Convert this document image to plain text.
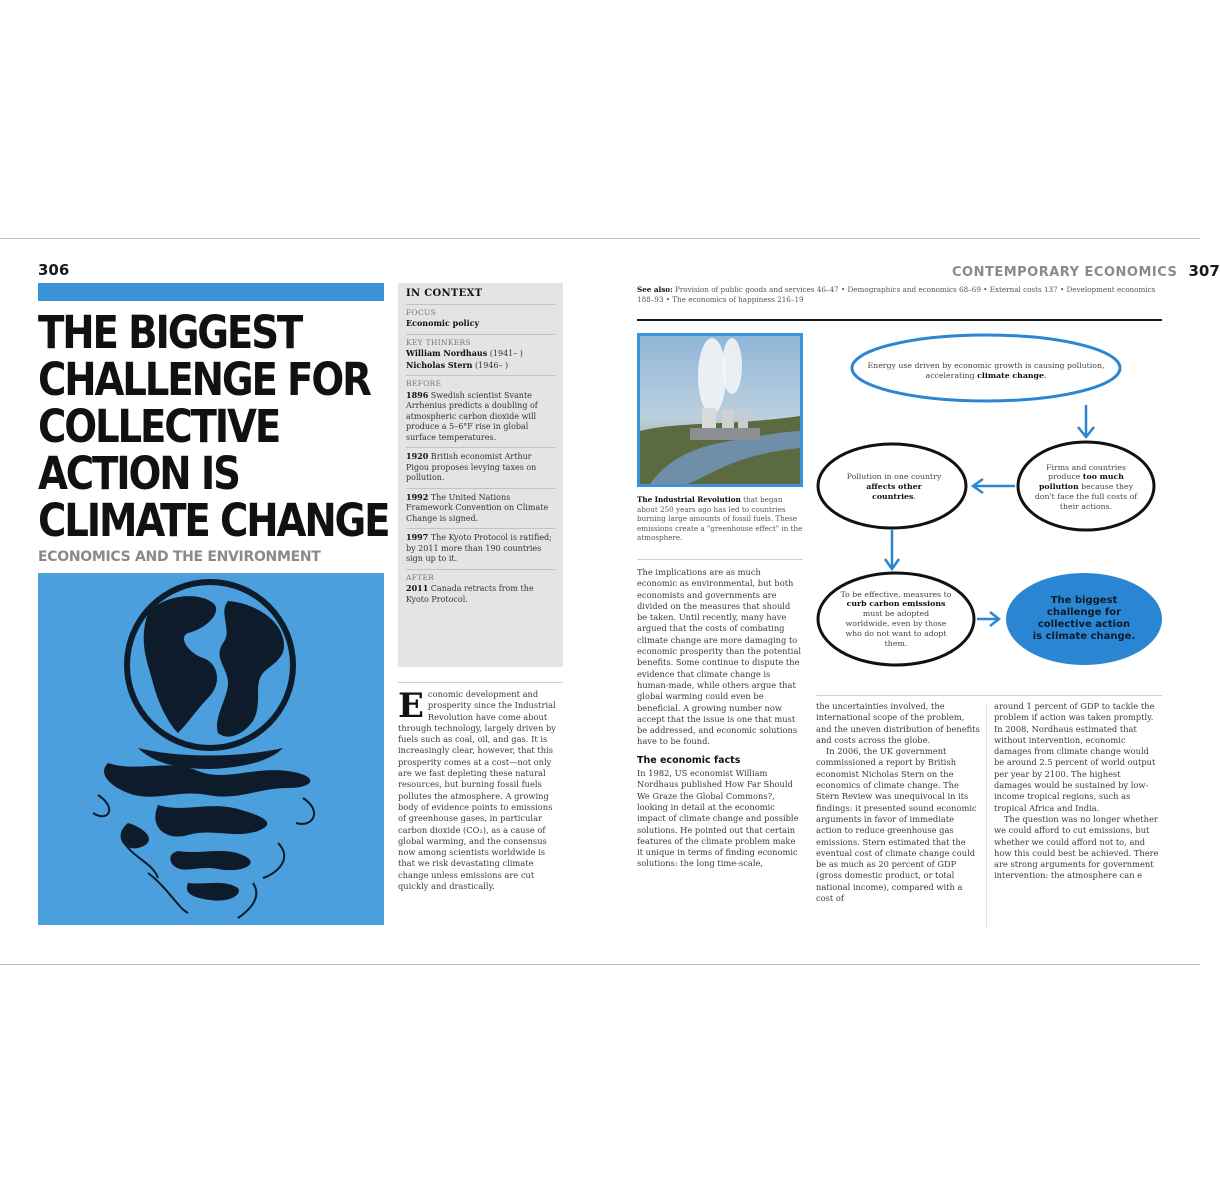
306
THE BIGGEST
CHALLENGE FOR
COLLECTIVE
ACTION IS
CLIMATE CHANGE
ECONOMICS AND THE ENVIRONMENT
IN CONTEXT
FOCUS
Economic policy
KEY THINKERS
William Nordhaus (1941– )
Nicholas Stern (1946– )
BEFORE
1896 Swedish scientist Svante Arrhenius predicts a doubling of atmospheric carbon dioxide will produce a 5–6°F rise in global surface temperatures.
1920 British economist Arthur Pigou proposes levying taxes on pollution.
1992 The United Nations Framework Convention on Climate Change is signed.
1997 The Kyoto Protocol is ratified; by 2011 more than 190 countries sign up to it.
AFTER
2011 Canada retracts from the Kyoto Protocol.
Economic development and prosperity since the Industrial Revolution have come about through technology, largely driven by fuels such as coal, oil, and gas. It is increasingly clear, however, that this prosperity comes at a cost—not only are we fast depleting these natural resources, but burning fossil fuels pollutes the atmosphere. A growing body of evidence points to emissions of greenhouse gases, in particular carbon dioxide (CO₂), as a cause of global warming, and the consensus now among scientists worldwide is that we risk devastating climate change unless emissions are cut quickly and drastically.
CONTEMPORARY ECONOMICS 307
See also: Provision of public goods and services 46–47 • Demographics and economics 68–69 • External costs 137 • Development economics 188–93 • The economics of happiness 216–19
The Industrial Revolution that began about 250 years ago has led to countries burning large amounts of fossil fuels. These emissions create a "greenhouse effect" in the atmosphere.
Energy use driven by economic growth is causing pollution, accelerating climate change.
Firms and countries produce too much pollution because they don't face the full costs of their actions.
Pollution in one country affects other countries.
To be effective, measures to curb carbon emissions must be adopted worldwide, even by those who do not want to adopt them.
The biggest challenge for collective action is climate change.

The implications are as much economic as environmental, but both economists and governments are divided on the measures that should be taken. Until recently, many have argued that the costs of combating climate change are more damaging to economic prosperity than the potential benefits. Some continue to dispute the evidence that climate change is human-made, while others argue that global warming could even be beneficial. A growing number now accept that the issue is one that must be addressed, and economic solutions have to be found.

The economic facts

In 1982, US economist William Nordhaus published How Far Should We Graze the Global Commons?, looking in detail at the economic impact of climate change and possible solutions. He pointed out that certain features of the climate problem make it unique in terms of finding economic solutions: the long time-scale,

the uncertainties involved, the international scope of the problem, and the uneven distribution of benefits and costs across the globe.

In 2006, the UK government commissioned a report by British economist Nicholas Stern on the economics of climate change. The Stern Review was unequivocal in its findings: it presented sound economic arguments in favor of immediate action to reduce greenhouse gas emissions. Stern estimated that the eventual cost of climate change could be as much as 20 percent of GDP (gross domestic product, or total national income), compared with a cost of

around 1 percent of GDP to tackle the problem if action was taken promptly. In 2008, Nordhaus estimated that without intervention, economic damages from climate change would be around 2.5 percent of world output per year by 2100. The highest damages would be sustained by low-income tropical regions, such as tropical Africa and India.

The question was no longer whether we could afford to cut emissions, but whether we could afford not to, and how this could best be achieved. There are strong arguments for government intervention: the atmosphere can e
